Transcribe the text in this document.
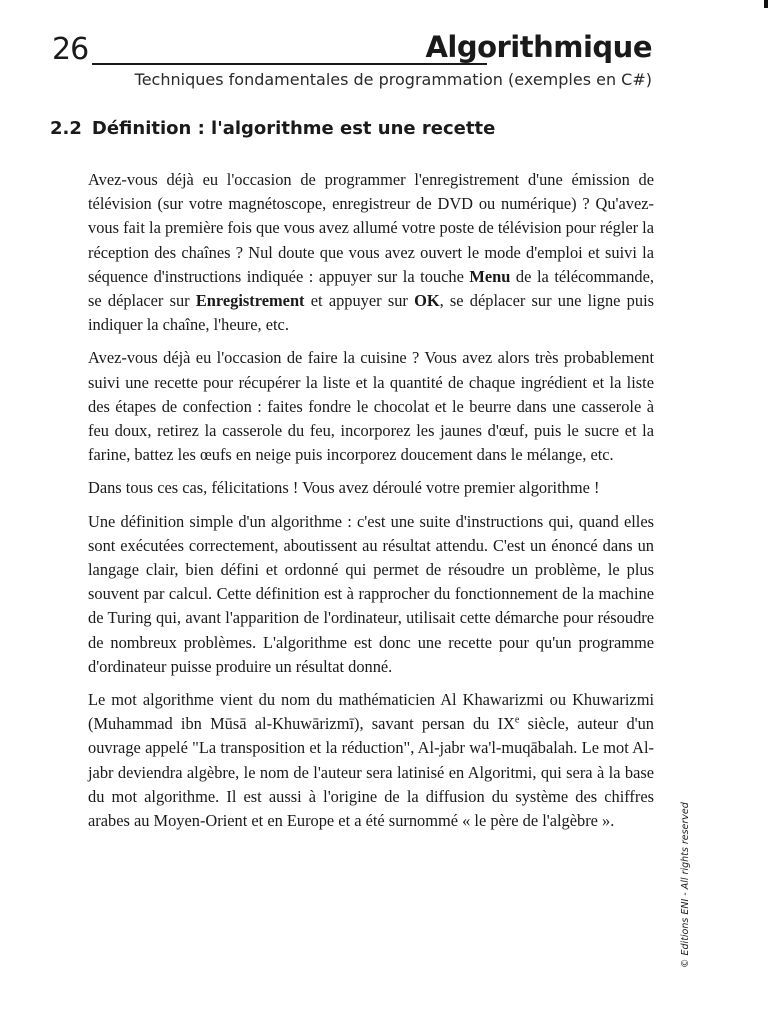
26	Algorithmique
Techniques fondamentales de programmation (exemples en C#)
2.2 Définition : l'algorithme est une recette

Avez-vous déjà eu l'occasion de programmer l'enregistrement d'une émission de télévision (sur votre magnétoscope, enregistreur de DVD ou numérique) ? Qu'avez-vous fait la première fois que vous avez allumé votre poste de télévision pour régler la réception des chaînes ? Nul doute que vous avez ouvert le mode d'emploi et suivi la séquence d'instructions indiquée : appuyer sur la touche Menu de la télécommande, se déplacer sur Enregistrement et appuyer sur OK, se déplacer sur une ligne puis indiquer la chaîne, l'heure, etc.

Avez-vous déjà eu l'occasion de faire la cuisine ? Vous avez alors très probablement suivi une recette pour récupérer la liste et la quantité de chaque ingrédient et la liste des étapes de confection : faites fondre le chocolat et le beurre dans une casserole à feu doux, retirez la casserole du feu, incorporez les jaunes d'œuf, puis le sucre et la farine, battez les œufs en neige puis incorporez doucement dans le mélange, etc.

Dans tous ces cas, félicitations ! Vous avez déroulé votre premier algorithme !

Une définition simple d'un algorithme : c'est une suite d'instructions qui, quand elles sont exécutées correctement, aboutissent au résultat attendu. C'est un énoncé dans un langage clair, bien défini et ordonné qui permet de résoudre un problème, le plus souvent par calcul. Cette définition est à rapprocher du fonctionnement de la machine de Turing qui, avant l'apparition de l'ordinateur, utilisait cette démarche pour résoudre de nombreux problèmes. L'algorithme est donc une recette pour qu'un programme d'ordinateur puisse produire un résultat donné.

Le mot algorithme vient du nom du mathématicien Al Khawarizmi ou Khuwarizmi (Muhammad ibn Mūsā al-Khuwārizmī), savant persan du IXe siècle, auteur d'un ouvrage appelé "La transposition et la réduction", Al-jabr wa'l-muqābalah. Le mot Al-jabr deviendra algèbre, le nom de l'auteur sera latinisé en Algoritmi, qui sera à la base du mot algorithme. Il est aussi à l'origine de la diffusion du système des chiffres arabes au Moyen-Orient et en Europe et a été surnommé « le père de l'algèbre ».	© Editions ENI - All rights reserved
